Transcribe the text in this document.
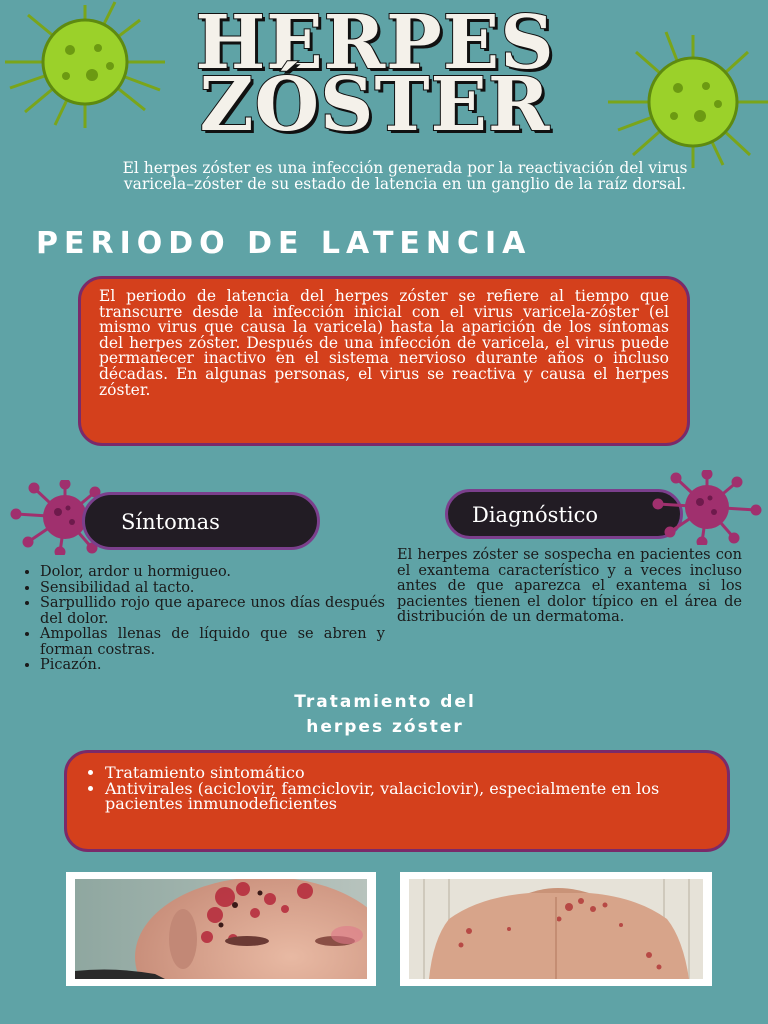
HERPES
ZÓSTER
El herpes zóster es una infección generada por la reactivación del virus varicela–zóster de su estado de latencia en un ganglio de la raíz dorsal.
PERIODO DE LATENCIA
El periodo de latencia del herpes zóster se refiere al tiempo que transcurre desde la infección inicial con el virus varicela-zóster (el mismo virus que causa la varicela) hasta la aparición de los síntomas del herpes zóster. Después de una infección de varicela, el virus puede permanecer inactivo en el sistema nervioso durante años o incluso décadas. En algunas personas, el virus se reactiva y causa el herpes zóster.
Síntomas	Diagnóstico
• Dolor, ardor u hormigueo.
• Sensibilidad al tacto.
• Sarpullido rojo que aparece unos días después del dolor.
• Ampollas llenas de líquido que se abren y forman costras.
• Picazón.
El herpes zóster se sospecha en pacientes con el exantema característico y a veces incluso antes de que aparezca el exantema si los pacientes tienen el dolor típico en el área de distribución de un dermatoma.
Tratamiento del
herpes zóster
• Tratamiento sintomático
• Antivirales (aciclovir, famciclovir, valaciclovir), especialmente en los pacientes inmunodeficientes
